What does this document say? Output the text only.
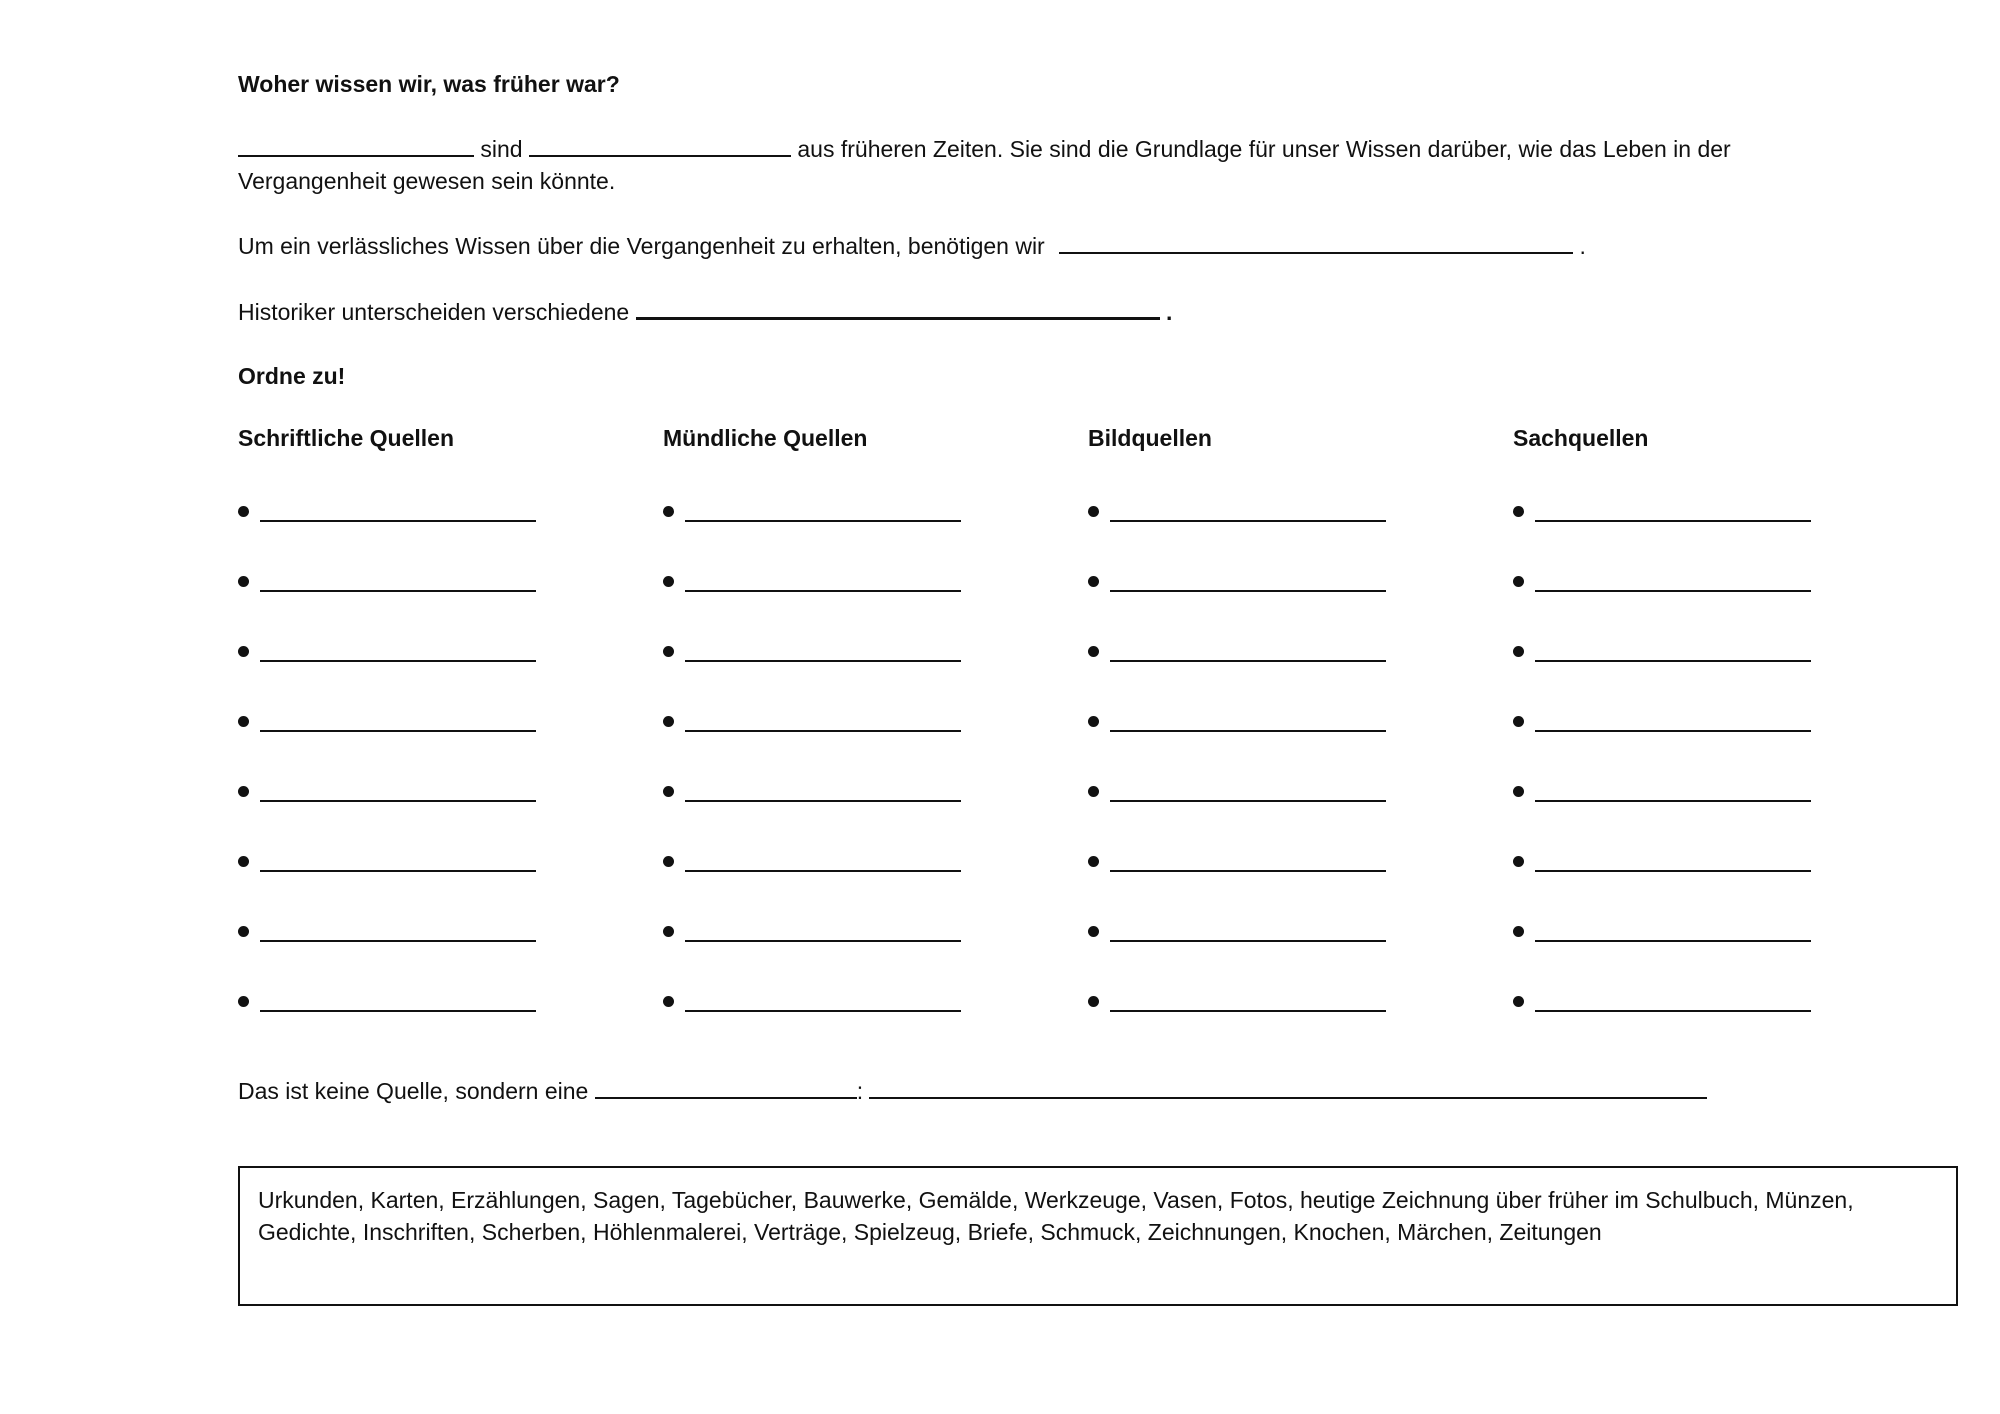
Woher wissen wir, was früher war?
sind	aus früheren Zeiten. Sie sind die Grundlage für unser Wissen darüber, wie das Leben in der
Vergangenheit gewesen sein könnte.
Um ein verlässliches Wissen über die Vergangenheit zu erhalten, benötigen wir	.
Historiker unterscheiden verschiedene	.
Ordne zu!
Schriftliche Quellen	Mündliche Quellen	Bildquellen	Sachquellen
Das ist keine Quelle, sondern eine	:
Urkunden, Karten, Erzählungen, Sagen, Tagebücher, Bauwerke, Gemälde, Werkzeuge, Vasen, Fotos, heutige Zeichnung über früher im Schulbuch, Münzen, Gedichte, Inschriften, Scherben, Höhlenmalerei, Verträge, Spielzeug, Briefe, Schmuck, Zeichnungen, Knochen, Märchen, Zeitungen
